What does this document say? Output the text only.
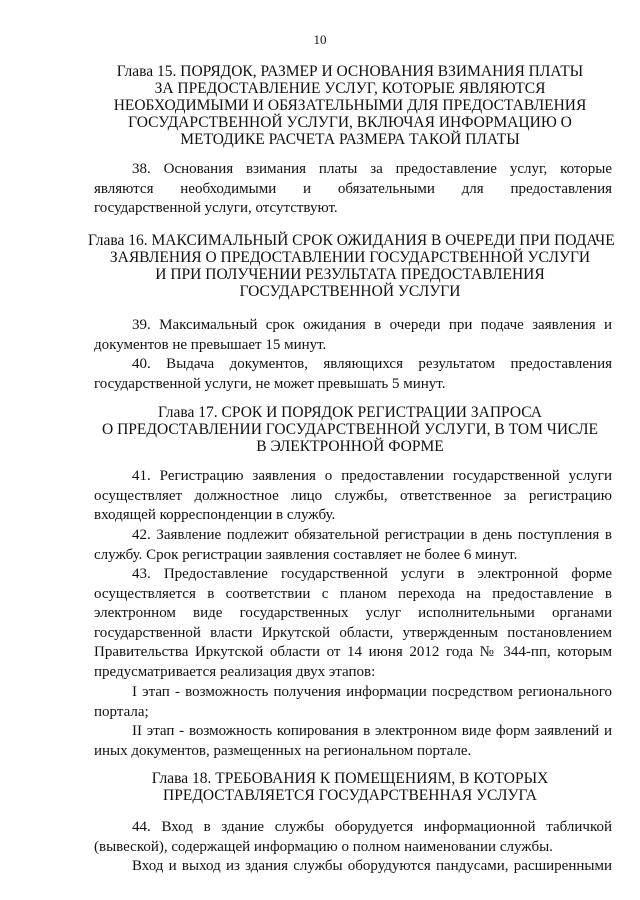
10
Глава 15. ПОРЯДОК, РАЗМЕР И ОСНОВАНИЯ ВЗИМАНИЯ ПЛАТЫ
ЗА ПРЕДОСТАВЛЕНИЕ УСЛУГ, КОТОРЫЕ ЯВЛЯЮТСЯ
НЕОБХОДИМЫМИ И ОБЯЗАТЕЛЬНЫМИ ДЛЯ ПРЕДОСТАВЛЕНИЯ
ГОСУДАРСТВЕННОЙ УСЛУГИ, ВКЛЮЧАЯ ИНФОРМАЦИЮ О
МЕТОДИКЕ РАСЧЕТА РАЗМЕРА ТАКОЙ ПЛАТЫ
38. Основания взимания платы за предоставление услуг, которые
являются необходимыми и обязательными для предоставления
государственной услуги, отсутствуют.
Глава 16. МАКСИМАЛЬНЫЙ СРОК ОЖИДАНИЯ В ОЧЕРЕДИ ПРИ ПОДАЧЕ
ЗАЯВЛЕНИЯ О ПРЕДОСТАВЛЕНИИ ГОСУДАРСТВЕННОЙ УСЛУГИ
И ПРИ ПОЛУЧЕНИИ РЕЗУЛЬТАТА ПРЕДОСТАВЛЕНИЯ
ГОСУДАРСТВЕННОЙ УСЛУГИ
39. Максимальный срок ожидания в очереди при подаче заявления и
документов не превышает 15 минут.
40. Выдача документов, являющихся результатом предоставления
государственной услуги, не может превышать 5 минут.
Глава 17. СРОК И ПОРЯДОК РЕГИСТРАЦИИ ЗАПРОСА
О ПРЕДОСТАВЛЕНИИ ГОСУДАРСТВЕННОЙ УСЛУГИ, В ТОМ ЧИСЛЕ
В ЭЛЕКТРОННОЙ ФОРМЕ
41. Регистрацию заявления о предоставлении государственной услуги
осуществляет должностное лицо службы, ответственное за регистрацию
входящей корреспонденции в службу.
42. Заявление подлежит обязательной регистрации в день поступления в
службу. Срок регистрации заявления составляет не более 6 минут.
43. Предоставление государственной услуги в электронной форме
осуществляется в соответствии с планом перехода на предоставление в
электронном виде государственных услуг исполнительными органами
государственной власти Иркутской области, утвержденным постановлением
Правительства Иркутской области от 14 июня 2012 года № 344-пп, которым
предусматривается реализация двух этапов:
I этап - возможность получения информации посредством регионального
портала;
II этап - возможность копирования в электронном виде форм заявлений и
иных документов, размещенных на региональном портале.
Глава 18. ТРЕБОВАНИЯ К ПОМЕЩЕНИЯМ, В КОТОРЫХ
ПРЕДОСТАВЛЯЕТСЯ ГОСУДАРСТВЕННАЯ УСЛУГА
44. Вход в здание службы оборудуется информационной табличкой
(вывеской), содержащей информацию о полном наименовании службы.
Вход и выход из здания службы оборудуются пандусами, расширенными
